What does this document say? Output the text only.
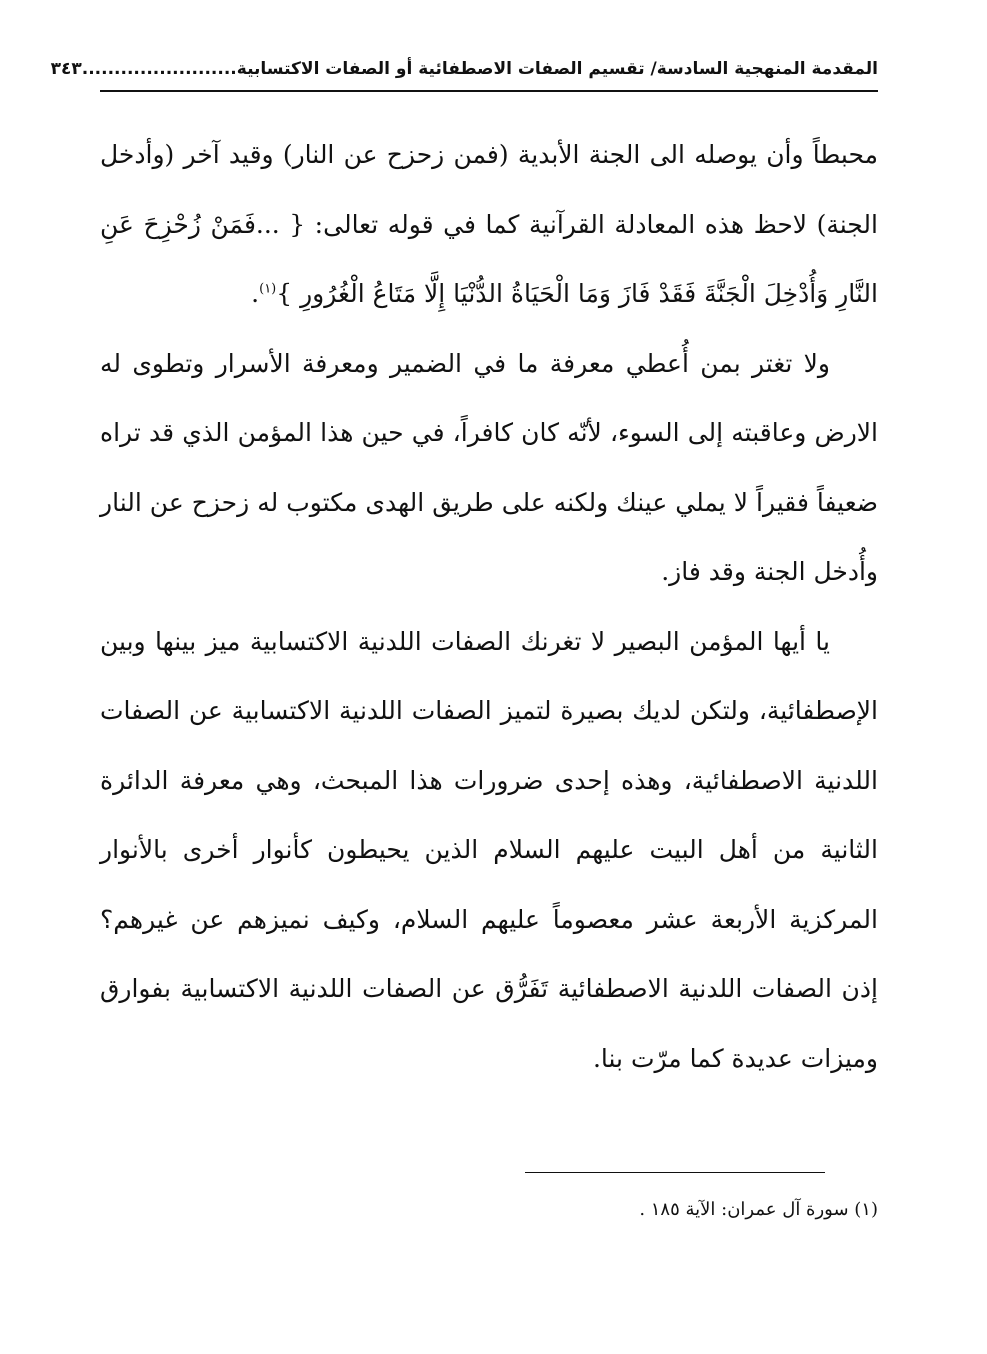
المقدمة المنهجية السادسة/ تقسيم الصفات الاصطفائية أو الصفات الاكتسابية
........................٣٤٣

محبطاً وأن يوصله الى الجنة الأبدية (فمن زحزح عن النار) وقيد آخر (وأدخل الجنة) لاحظ هذه المعادلة القرآنية كما في قوله تعالى: { ...فَمَنْ زُحْزِحَ عَنِ النَّارِ وَأُدْخِلَ الْجَنَّةَ فَقَدْ فَازَ وَمَا الْحَيَاةُ الدُّنْيَا إِلَّا مَتَاعُ الْغُرُورِ }$^{(١)}$.

ولا تغتر بمن أُعطي معرفة ما في الضمير ومعرفة الأسرار وتطوى له الارض وعاقبته إلى السوء، لأنّه كان كافراً، في حين هذا المؤمن الذي قد تراه ضعيفاً فقيراً لا يملي عينك ولكنه على طريق الهدى مكتوب له زحزح عن النار وأُدخل الجنة وقد فاز.

يا أيها المؤمن البصير لا تغرنك الصفات اللدنية الاكتسابية ميز بينها وبين الإصطفائية، ولتكن لديك بصيرة لتميز الصفات اللدنية الاكتسابية عن الصفات اللدنية الاصطفائية، وهذه إحدى ضرورات هذا المبحث، وهي معرفة الدائرة الثانية من أهل البيت عليهم السلام الذين يحيطون كأنوار أخرى بالأنوار المركزية الأربعة عشر معصوماً عليهم السلام، وكيف نميزهم عن غيرهم؟ إذن الصفات اللدنية الاصطفائية تَفَرُّق عن الصفات اللدنية الاكتسابية بفوارق وميزات عديدة كما مرّت بنا.

(١) سورة آل عمران: الآية ١٨٥ .
